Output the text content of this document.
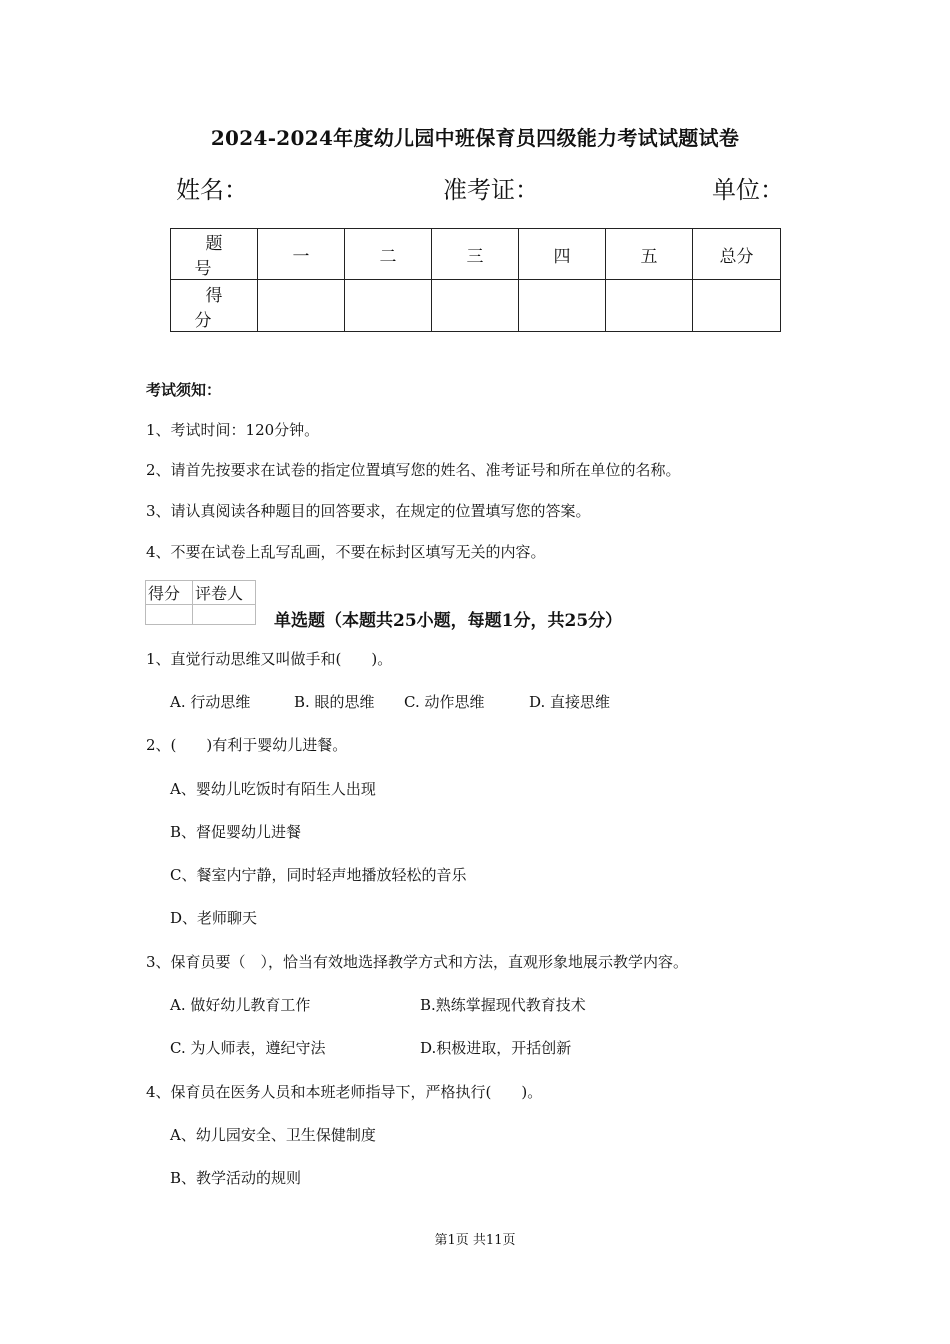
2024-2024年度幼儿园中班保育员四级能力考试试题试卷
姓名：	准考证：	单位：
题号	一	二	三	四	五	总分
得分						
考试须知：
1、考试时间：120分钟。
2、请首先按要求在试卷的指定位置填写您的姓名、准考证号和所在单位的名称。
3、请认真阅读各种题目的回答要求，在规定的位置填写您的答案。
4、不要在试卷上乱写乱画，不要在标封区填写无关的内容。
得分	评卷人

单选题（本题共25小题，每题1分，共25分）
1、直觉行动思维又叫做手和(　　)。
A. 行动思维	B. 眼的思维 C. 动作思维	D. 直接思维
2、(　　)有利于婴幼儿进餐。
A、婴幼儿吃饭时有陌生人出现
B、督促婴幼儿进餐
C、餐室内宁静，同时轻声地播放轻松的音乐
D、老师聊天
3、保育员要（　），恰当有效地选择教学方式和方法，直观形象地展示教学内容。
A. 做好幼儿教育工作	B.熟练掌握现代教育技术
C. 为人师表，遵纪守法	D.积极进取，开括创新
4、保育员在医务人员和本班老师指导下，严格执行(　　)。
A、幼儿园安全、卫生保健制度
B、教学活动的规则
第1页 共11页
